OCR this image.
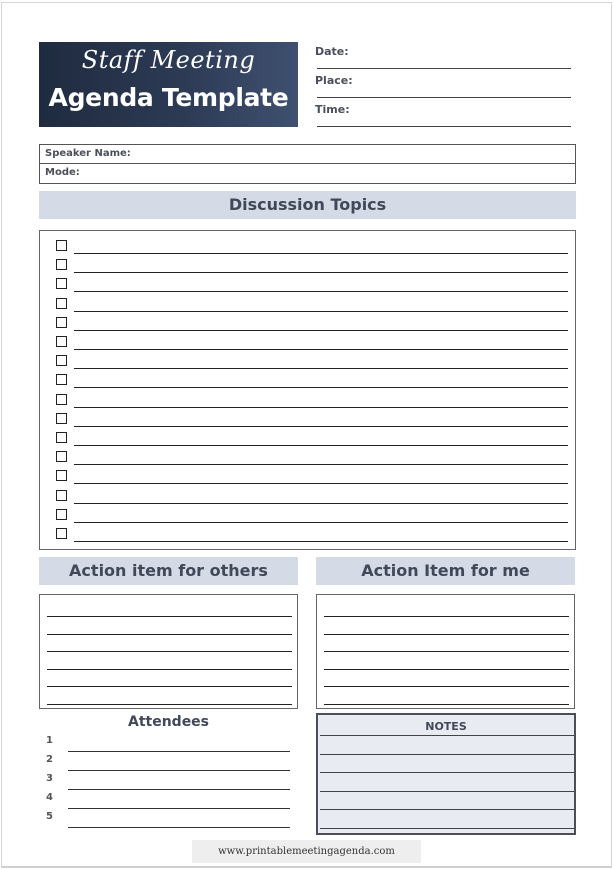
Staff Meeting
Agenda Template
Date:
Place:
Time:
Speaker Name:
Mode:
Discussion Topics
Action item for others	Action Item for me
Attendees
1
2
3
4
5
NOTES
www.printablemeetingagenda.com
